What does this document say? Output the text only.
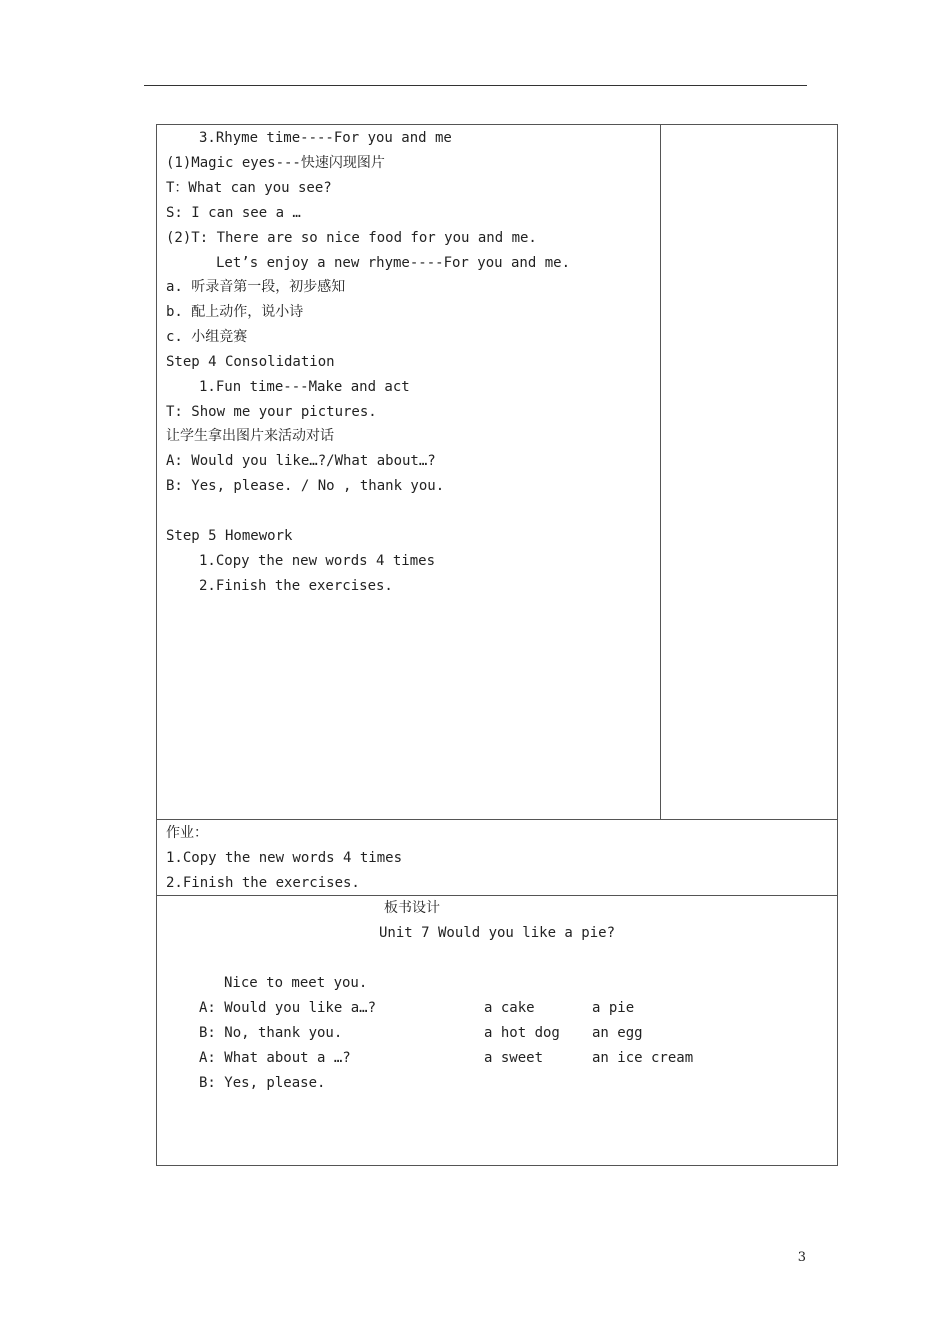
3.Rhyme time----For you and me
(1)Magic eyes---快速闪现图片
T：What can you see?
S: I can see a …
(2)T: There are so nice food for you and me.
Let’s enjoy a new rhyme----For you and me.
a. 听录音第一段，初步感知
b. 配上动作，说小诗
c. 小组竞赛
Step 4 Consolidation
1.Fun time---Make and act
T: Show me your pictures.
让学生拿出图片来活动对话
A: Would you like…?/What about…?
B: Yes, please. / No , thank you.
Step 5 Homework
1.Copy the new words 4 times
2.Finish the exercises.
作业：
1.Copy the new words 4 times
2.Finish the exercises.
板书设计
Unit 7 Would you like a pie?
Nice to meet you.
A: Would you like a…?
B: No, thank you.
A: What about a …?
B: Yes, please.
a cake
a hot dog
a sweet
a pie
an egg
an ice cream
3
